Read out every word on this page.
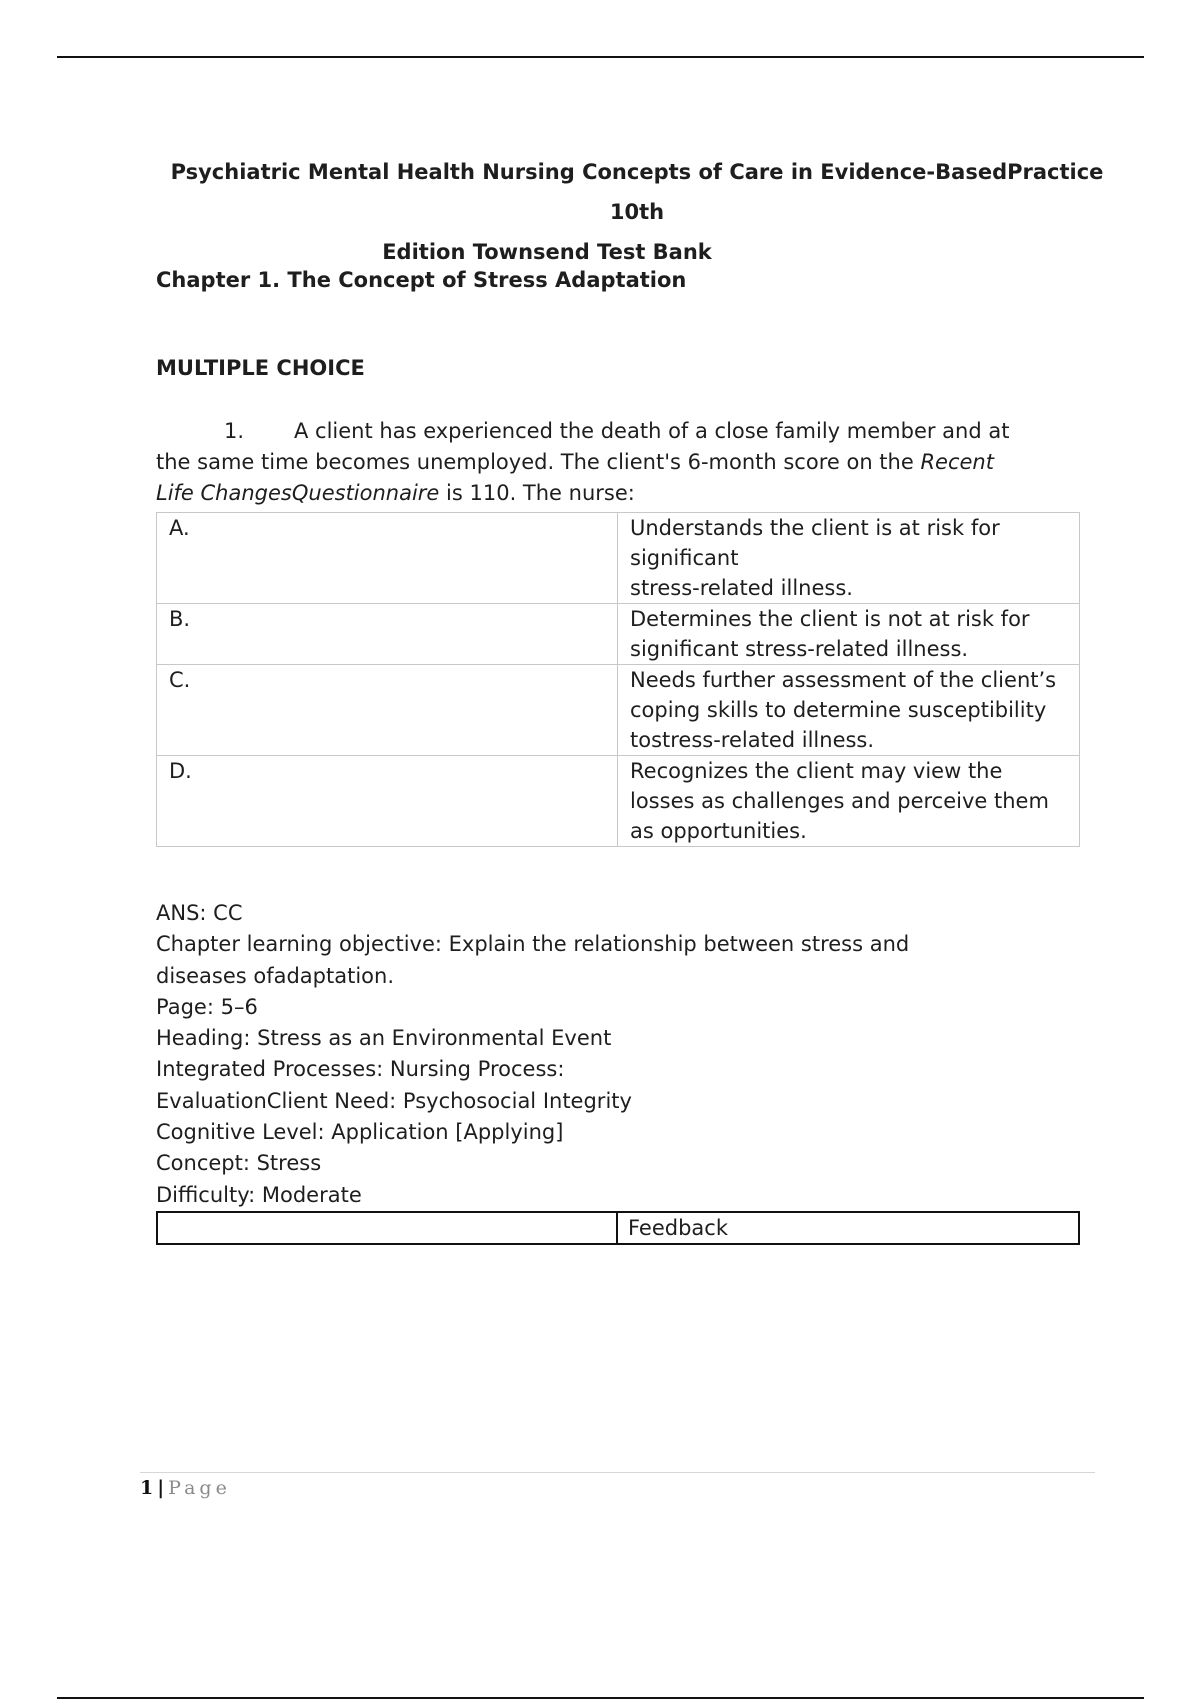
Psychiatric Mental Health Nursing Concepts of Care in Evidence-BasedPractice 10th
Edition Townsend Test Bank
Chapter 1. The Concept of Stress Adaptation
MULTIPLE CHOICE
1. A client has experienced the death of a close family member and at the same time becomes unemployed. The client's 6-month score on the Recent Life ChangesQuestionnaire is 110. The nurse:
A.	Understands the client is at risk for significant
stress-related illness.

B.	Determines the client is not at risk for significant stress-related illness.
C.	Needs further assessment of the client’s coping skills to determine susceptibility tostress-related illness.
D.	Recognizes the client may view the losses as challenges and perceive them as opportunities.
ANS: CC
Chapter learning objective: Explain the relationship between stress and
diseases ofadaptation.
Page: 5–6
Heading: Stress as an Environmental Event
Integrated Processes: Nursing Process:
EvaluationClient Need: Psychosocial Integrity
Cognitive Level: Application [Applying]
Concept: Stress
Difficulty: Moderate
	Feedback
1 | Page
